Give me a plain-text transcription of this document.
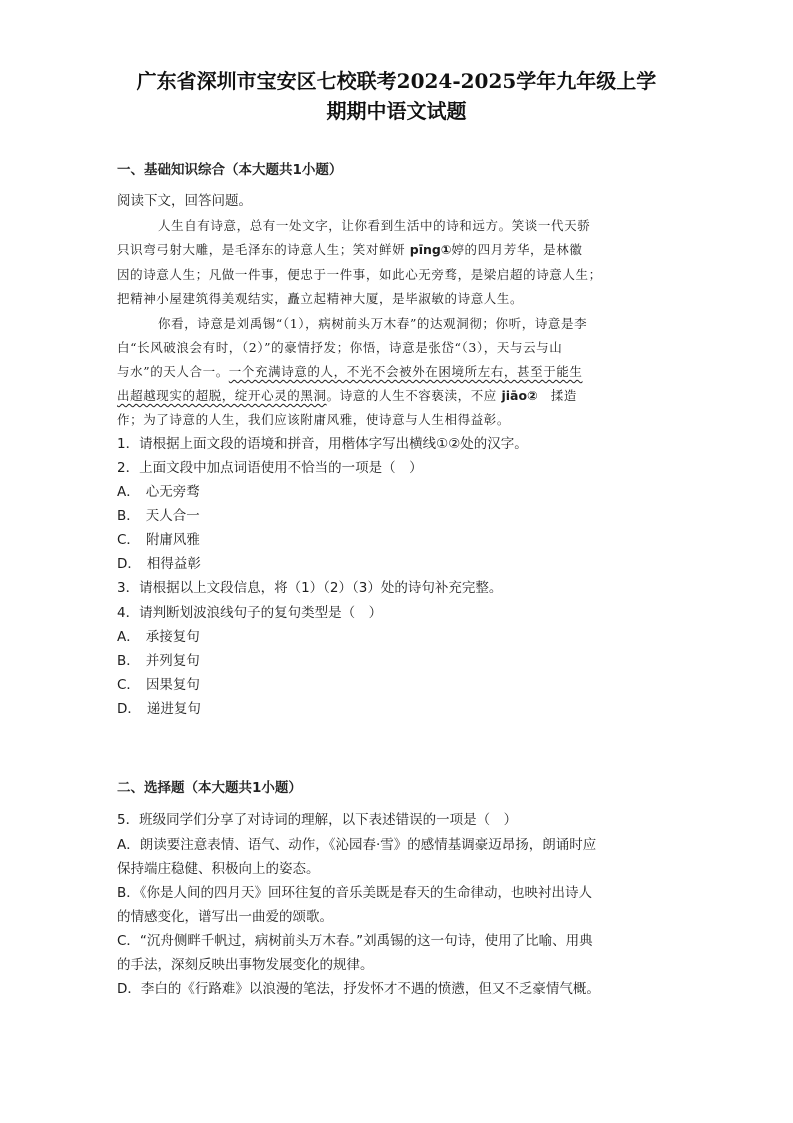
广东省深圳市宝安区七校联考2024-2025学年九年级上学
期期中语文试题
一、基础知识综合（本大题共1小题）
阅读下文，回答问题。
人生自有诗意，总有一处文字，让你看到生活中的诗和远方。笑谈一代天骄
只识弯弓射大雕，是毛泽东的诗意人生；笑对鲜妍 pīng①婷的四月芳华，是林徽
因的诗意人生；凡做一件事，便忠于一件事，如此心无旁骛，是梁启超的诗意人生；
把精神小屋建筑得美观结实，矗立起精神大厦，是毕淑敏的诗意人生。
你看，诗意是刘禹锡“（1），病树前头万木春”的达观洞彻；你听，诗意是李
白“长风破浪会有时，（2）”的豪情抒发；你悟，诗意是张岱“（3），天与云与山
与水”的天人合一。一个充满诗意的人，不光不会被外在困境所左右，甚至于能生
出超越现实的超脱，绽开心灵的黑洞。诗意的人生不容亵渎，不应 jiāo②　揉造
作；为了诗意的人生，我们应该附庸风雅，使诗意与人生相得益彰。
1．请根据上面文段的语境和拼音，用楷体字写出横线①②处的汉字。
2．上面文段中加点词语使用不恰当的一项是（　）
A． 心无旁骛
B． 天人合一
C． 附庸风雅
D． 相得益彰
3．请根据以上文段信息，将（1）（2）（3）处的诗句补充完整。
4．请判断划波浪线句子的复句类型是（　）
A． 承接复句
B． 并列复句
C． 因果复句
D． 递进复句
二、选择题（本大题共1小题）
5．班级同学们分享了对诗词的理解，以下表述错误的一项是（　）
A．朗读要注意表情、语气、动作，《沁园春·雪》的感情基调豪迈昂扬，朗诵时应
保持端庄稳健、积极向上的姿态。
B．《你是人间的四月天》回环往复的音乐美既是春天的生命律动，也映衬出诗人
的情感变化，谱写出一曲爱的颂歌。
C．“沉舟侧畔千帆过，病树前头万木春。”刘禹锡的这一句诗，使用了比喻、用典
的手法，深刻反映出事物发展变化的规律。
D．李白的《行路难》以浪漫的笔法，抒发怀才不遇的愤懑，但又不乏豪情气概。
